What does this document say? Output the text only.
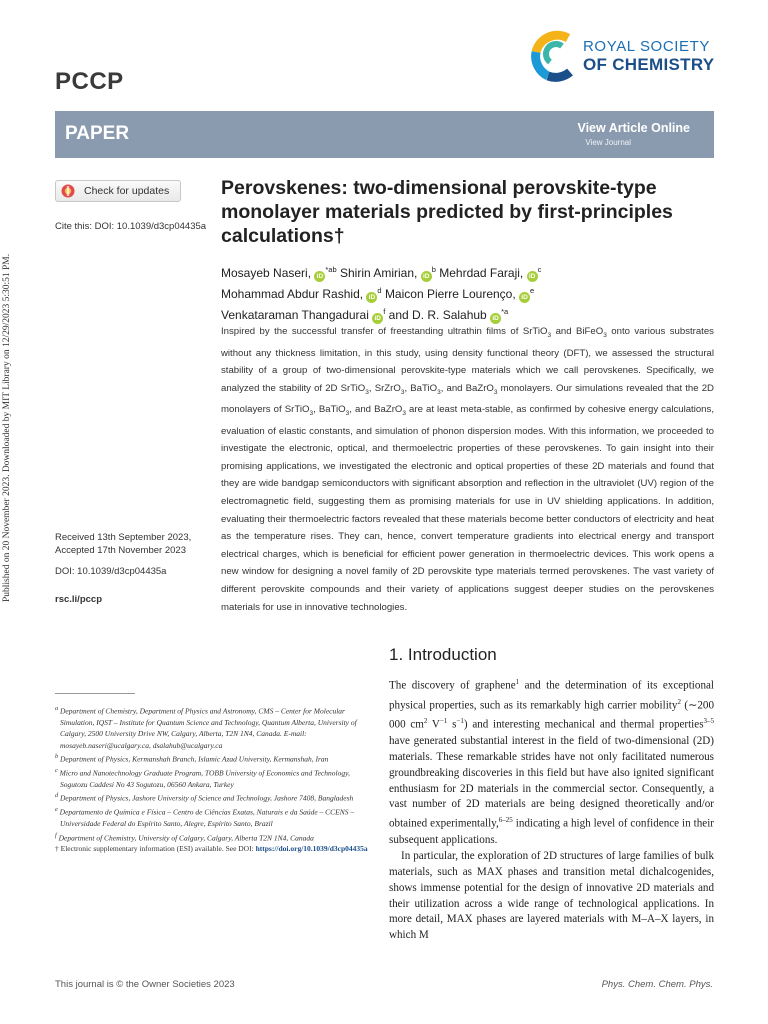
Published on 20 November 2023. Downloaded by MIT Library on 12/29/2023 5:30:51 PM.
PCCP
ROYAL SOCIETY
OF CHEMISTRY
PAPER	View Article Online
View Journal
Check for updates
Cite this: DOI: 10.1039/d3cp04435a
Perovskenes: two-dimensional perovskite-type monolayer materials predicted by first-principles calculations†
Mosayeb Naseri, $iD^{*ab}$ Shirin Amirian, $iD^b$ Mehrdad Faraji, $iD^c$
Mohammad Abdur Rashid, $iD^d$ Maicon Pierre Lourenço, $iD^e$
Venkataraman Thangadurai $iD^f$ and D. R. Salahub $iD^{*a}$
Inspired by the successful transfer of freestanding ultrathin films of SrTiO$_3$ and BiFeO$_3$ onto various substrates without any thickness limitation, in this study, using density functional theory (DFT), we assessed the structural stability of a group of two-dimensional perovskite-type materials which we call perovskenes. Specifically, we analyzed the stability of 2D SrTiO$_3$, SrZrO$_3$, BaTiO$_3$, and BaZrO$_3$ monolayers. Our simulations revealed that the 2D monolayers of SrTiO$_3$, BaTiO$_3$, and BaZrO$_3$ are at least meta-stable, as confirmed by cohesive energy calculations, evaluation of elastic constants, and simulation of phonon dispersion modes. With this information, we proceeded to investigate the electronic, optical, and thermoelectric properties of these perovskenes. To gain insight into their promising applications, we investigated the electronic and optical properties of these 2D materials and found that they are wide bandgap semiconductors with significant absorption and reflection in the ultraviolet (UV) region of the electromagnetic field, suggesting them as promising materials for use in UV shielding applications. In addition, evaluating their thermoelectric factors revealed that these materials become better conductors of electricity and heat as the temperature rises. They can, hence, convert temperature gradients into electrical energy and transport electrical charges, which is beneficial for efficient power generation in thermoelectric devices. This work opens a new window for designing a novel family of 2D perovskite type materials termed perovskenes. The vast variety of different perovskite compounds and their variety of applications suggest deeper studies on the perovskenes materials for use in innovative technologies.
Received 13th September 2023,
Accepted 17th November 2023
DOI: 10.1039/d3cp04435a
rsc.li/pccp
1. Introduction

The discovery of graphene$^1$ and the determination of its exceptional physical properties, such as its remarkably high carrier mobility$^2$ (∼200 000 $cm^2$ $V^{-1}$ $s^{-1}$) and interesting mechanical and thermal properties$^{3-5}$ have generated substantial interest in the field of two-dimensional (2D) materials. These remarkable strides have not only facilitated numerous groundbreaking discoveries in this field but have also ignited significant enthusiasm for 2D materials in the commercial sector. Consequently, a vast number of 2D materials are being designed theoretically and/or obtained experimentally,$^{6-25}$ indicating a high level of confidence in their subsequent applications.

In particular, the exploration of 2D structures of large families of bulk materials, such as MAX phases and transition metal dichalcogenides, shows immense potential for the design of innovative 2D materials and their utilization across a wide range of technological applications. In more detail, MAX phases are layered materials with M–A–X layers, in which M

$^a$ Department of Chemistry, Department of Physics and Astronomy, CMS – Center for Molecular Simulation, IQST – Institute for Quantum Science and Technology, Quantum Alberta, University of Calgary, 2500 University Drive NW, Calgary, Alberta, T2N 1N4, Canada. E-mail: mosayeb.naseri@ucalgary.ca, dsalahub@ucalgary.ca
$^b$ Department of Physics, Kermanshah Branch, Islamic Azad University, Kermanshah, Iran
$^c$ Micro and Nanotechnology Graduate Program, TOBB University of Economics and Technology, Sogutozu Caddesi No 43 Sogutozu, 06560 Ankara, Turkey
$^d$ Department of Physics, Jashore University of Science and Technology, Jashore 7408, Bangladesh
$^e$ Departamento de Química e Física – Centro de Ciências Exatas, Naturais e da Saúde – CCENS – Universidade Federal do Espírito Santo, Alegre, Espírito Santo, Brazil
$^f$ Department of Chemistry, University of Calgary, Calgary, Alberta T2N 1N4, Canada
† Electronic supplementary information (ESI) available. See DOI: https://doi.org/10.1039/d3cp04435a
This journal is © the Owner Societies 2023	Phys. Chem. Chem. Phys.
